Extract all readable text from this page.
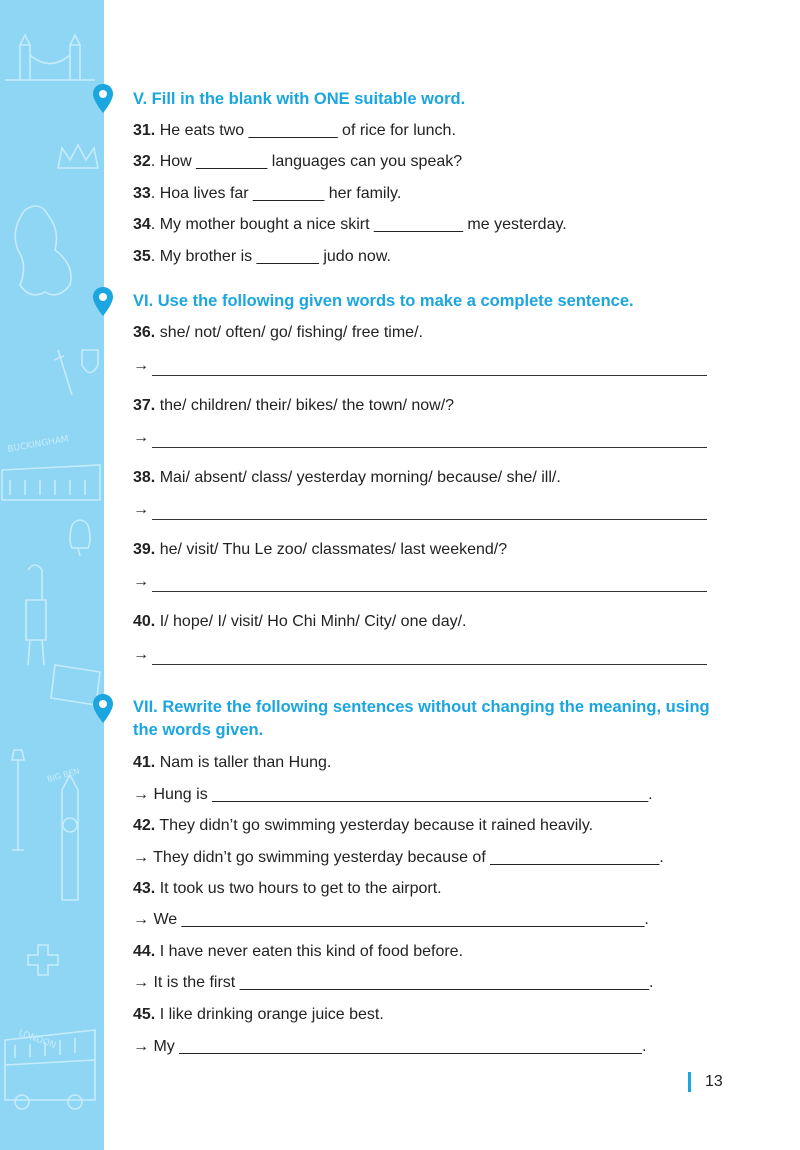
BUCKINGHAM
BIG BEN
LONDON
V. Fill in the blank with ONE suitable word.
31. He eats two __________ of rice for lunch.
32. How ________ languages can you speak?
33. Hoa lives far ________ her family.
34. My mother bought a nice skirt __________ me yesterday.
35. My brother is _______ judo now.
VI. Use the following given words to make a complete sentence.
36. she/ not/ often/ go/ fishing/ free time/.
→
37. the/ children/ their/ bikes/ the town/ now/?
→
38. Mai/ absent/ class/ yesterday morning/ because/ she/ ill/.
→
39. he/ visit/ Thu Le zoo/ classmates/ last weekend/?
→
40. I/ hope/ I/ visit/ Ho Chi Minh/ City/ one day/.
→
VII. Rewrite the following sentences without changing the meaning, using the words given.
41. Nam is taller than Hung.
→ Hung is _________________________________________________.
42. They didn’t go swimming yesterday because it rained heavily.
→ They didn’t go swimming yesterday because of ___________________.
43. It took us two hours to get to the airport.
→ We ____________________________________________________.
44. I have never eaten this kind of food before.
→ It is the first ______________________________________________.
45. I like drinking orange juice best.
→ My ____________________________________________________.
13
